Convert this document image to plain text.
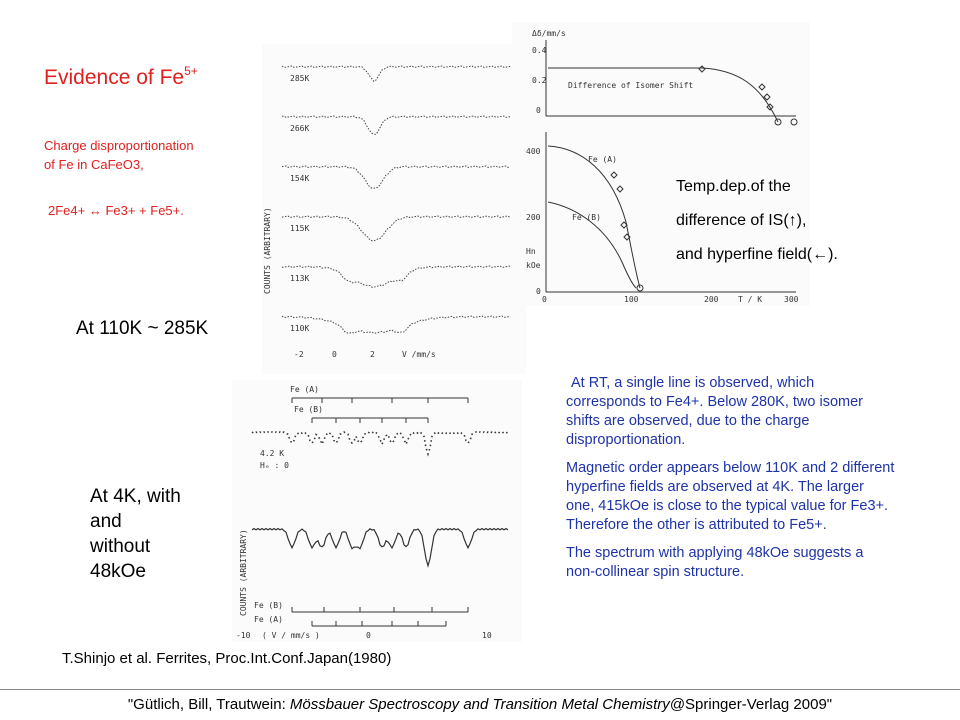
Evidence of $Fe^{5+}$
Charge disproportionation
of Fe in CaFeO3,
2Fe4+ ↔ Fe3+ + Fe5+.
At 110K ~ 285K
COUNTS (ARBITRARY)
285K
266K
154K
115K
113K
110K
-2	0	2	V /mm/s
Δδ/mm/s
0.4
0.2
0
Difference of Isomer Shift
400
200
0
Hn
kOe
Fe (A)
Fe (B)
0	100	200	300
T / K
Temp.dep.of the
difference of IS(↑),
and hyperfine field(←).
Fe (A)
Fe (B)
4.2 K
Hₑ : 0
COUNTS (ARBITRARY) Fe (B)
Fe (A)
-10	0	10
( V / mm/s )
At 4K, with
and
without
48kOe

At RT, a single line is observed, which corresponds to Fe4+. Below 280K, two isomer shifts are observed, due to the charge disproportionation.

Magnetic order appears below 110K and 2 different hyperfine fields are observed at 4K. The larger one, 415kOe is close to the typical value for Fe3+. Therefore the other is attributed to Fe5+.

The spectrum with applying 48kOe suggests a non-collinear spin structure.

T.Shinjo et al. Ferrites, Proc.Int.Conf.Japan(1980)
"Gütlich, Bill, Trautwein: Mössbauer Spectroscopy and Transition Metal Chemistry@Springer-Verlag 2009"
